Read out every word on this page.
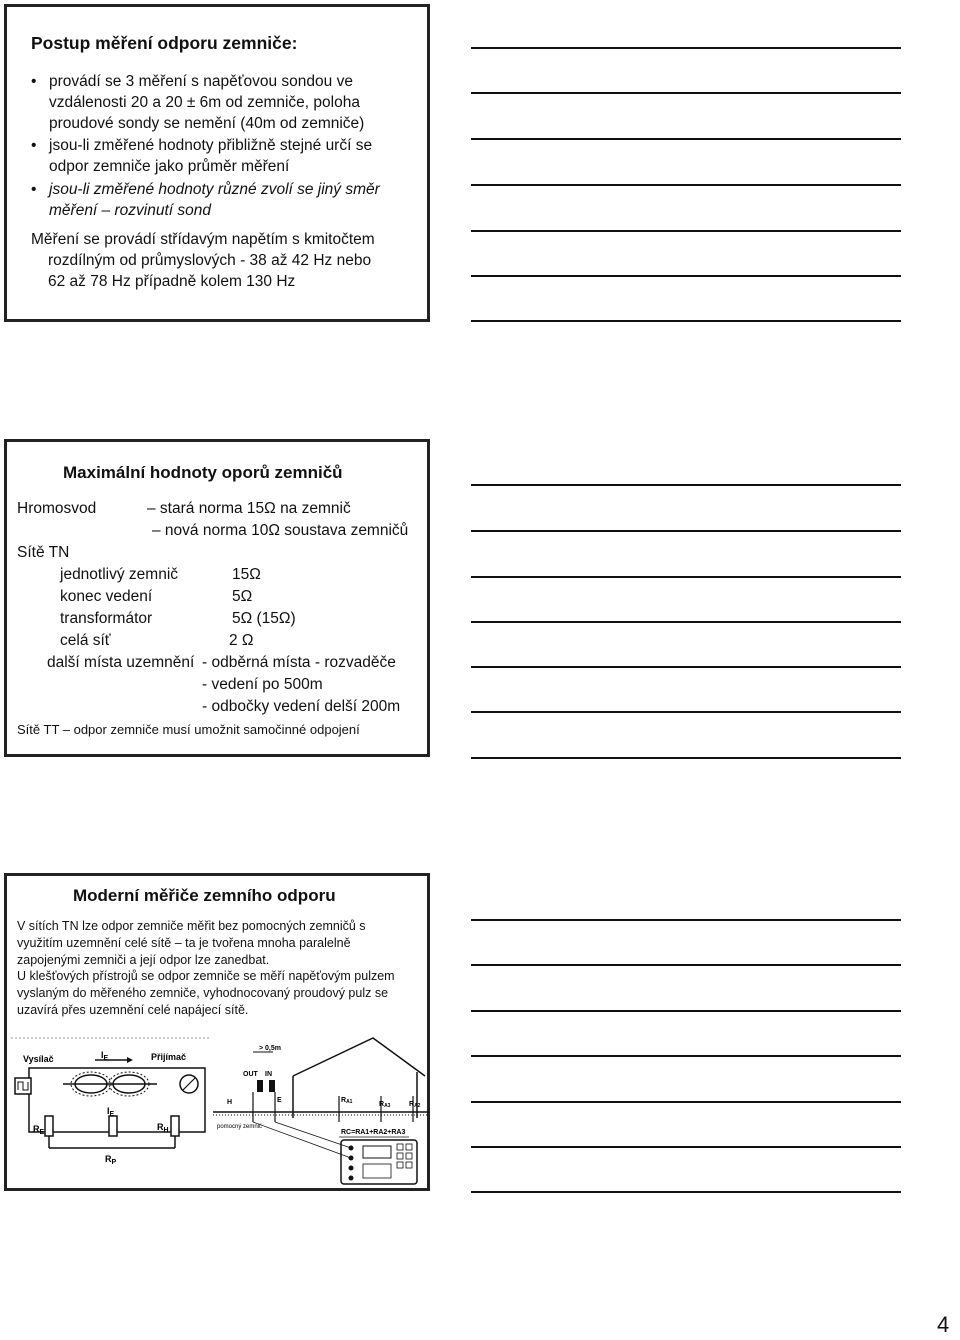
Postup měření odporu zemniče:
• provádí se 3 měření s napěťovou sondou ve
vzdálenosti 20 a 20 ± 6m od zemniče, poloha
proudové sondy se nemění (40m od zemniče)
• jsou-li změřené hodnoty přibližně stejné určí se
odpor zemniče jako průměr měření
• jsou-li změřené hodnoty různé zvolí se jiný směr
měření – rozvinutí sond
Měření se provádí střídavým napětím s kmitočtem
rozdílným od průmyslových - 38 až 42 Hz nebo
62 až 78 Hz případně kolem 130 Hz
Maximální hodnoty oporů zemničů
Hromosvod	– stará norma 15Ω na zemnič
– nová norma 10Ω soustava zemničů
Sítě TN
jednotlivý zemnič	15Ω
konec vedení	5Ω
transformátor	5Ω (15Ω)
celá síť	2 Ω
další místa uzemnění - odběrná místa - rozvaděče
- vedení po 500m
- odbočky vedení delší 200m
Sítě TT – odpor zemniče musí umožnit samočinné odpojení
Moderní měřiče zemního odporu
V sítích TN lze odpor zemniče měřit bez pomocných zemničů s
využitím uzemnění celé sítě – ta je tvořena mnoha paralelně
zapojenými zemniči a její odpor lze zanedbat.
U klešťových přístrojů se odpor zemniče se měří napěťovým pulzem
vyslaným do měřeného zemniče, vyhodnocovaný proudový pulz se
uzavírá přes uzemnění celé napájecí sítě.
Vysílač	Přijímač
$I_E$
$R_E$
$I_E$
$R_H$
$R_P$
> 0,5m
OUT IN
H	E	RA1	RA3	RA2
pomocný zemnič
RC=RA1+RA2+RA3
4
